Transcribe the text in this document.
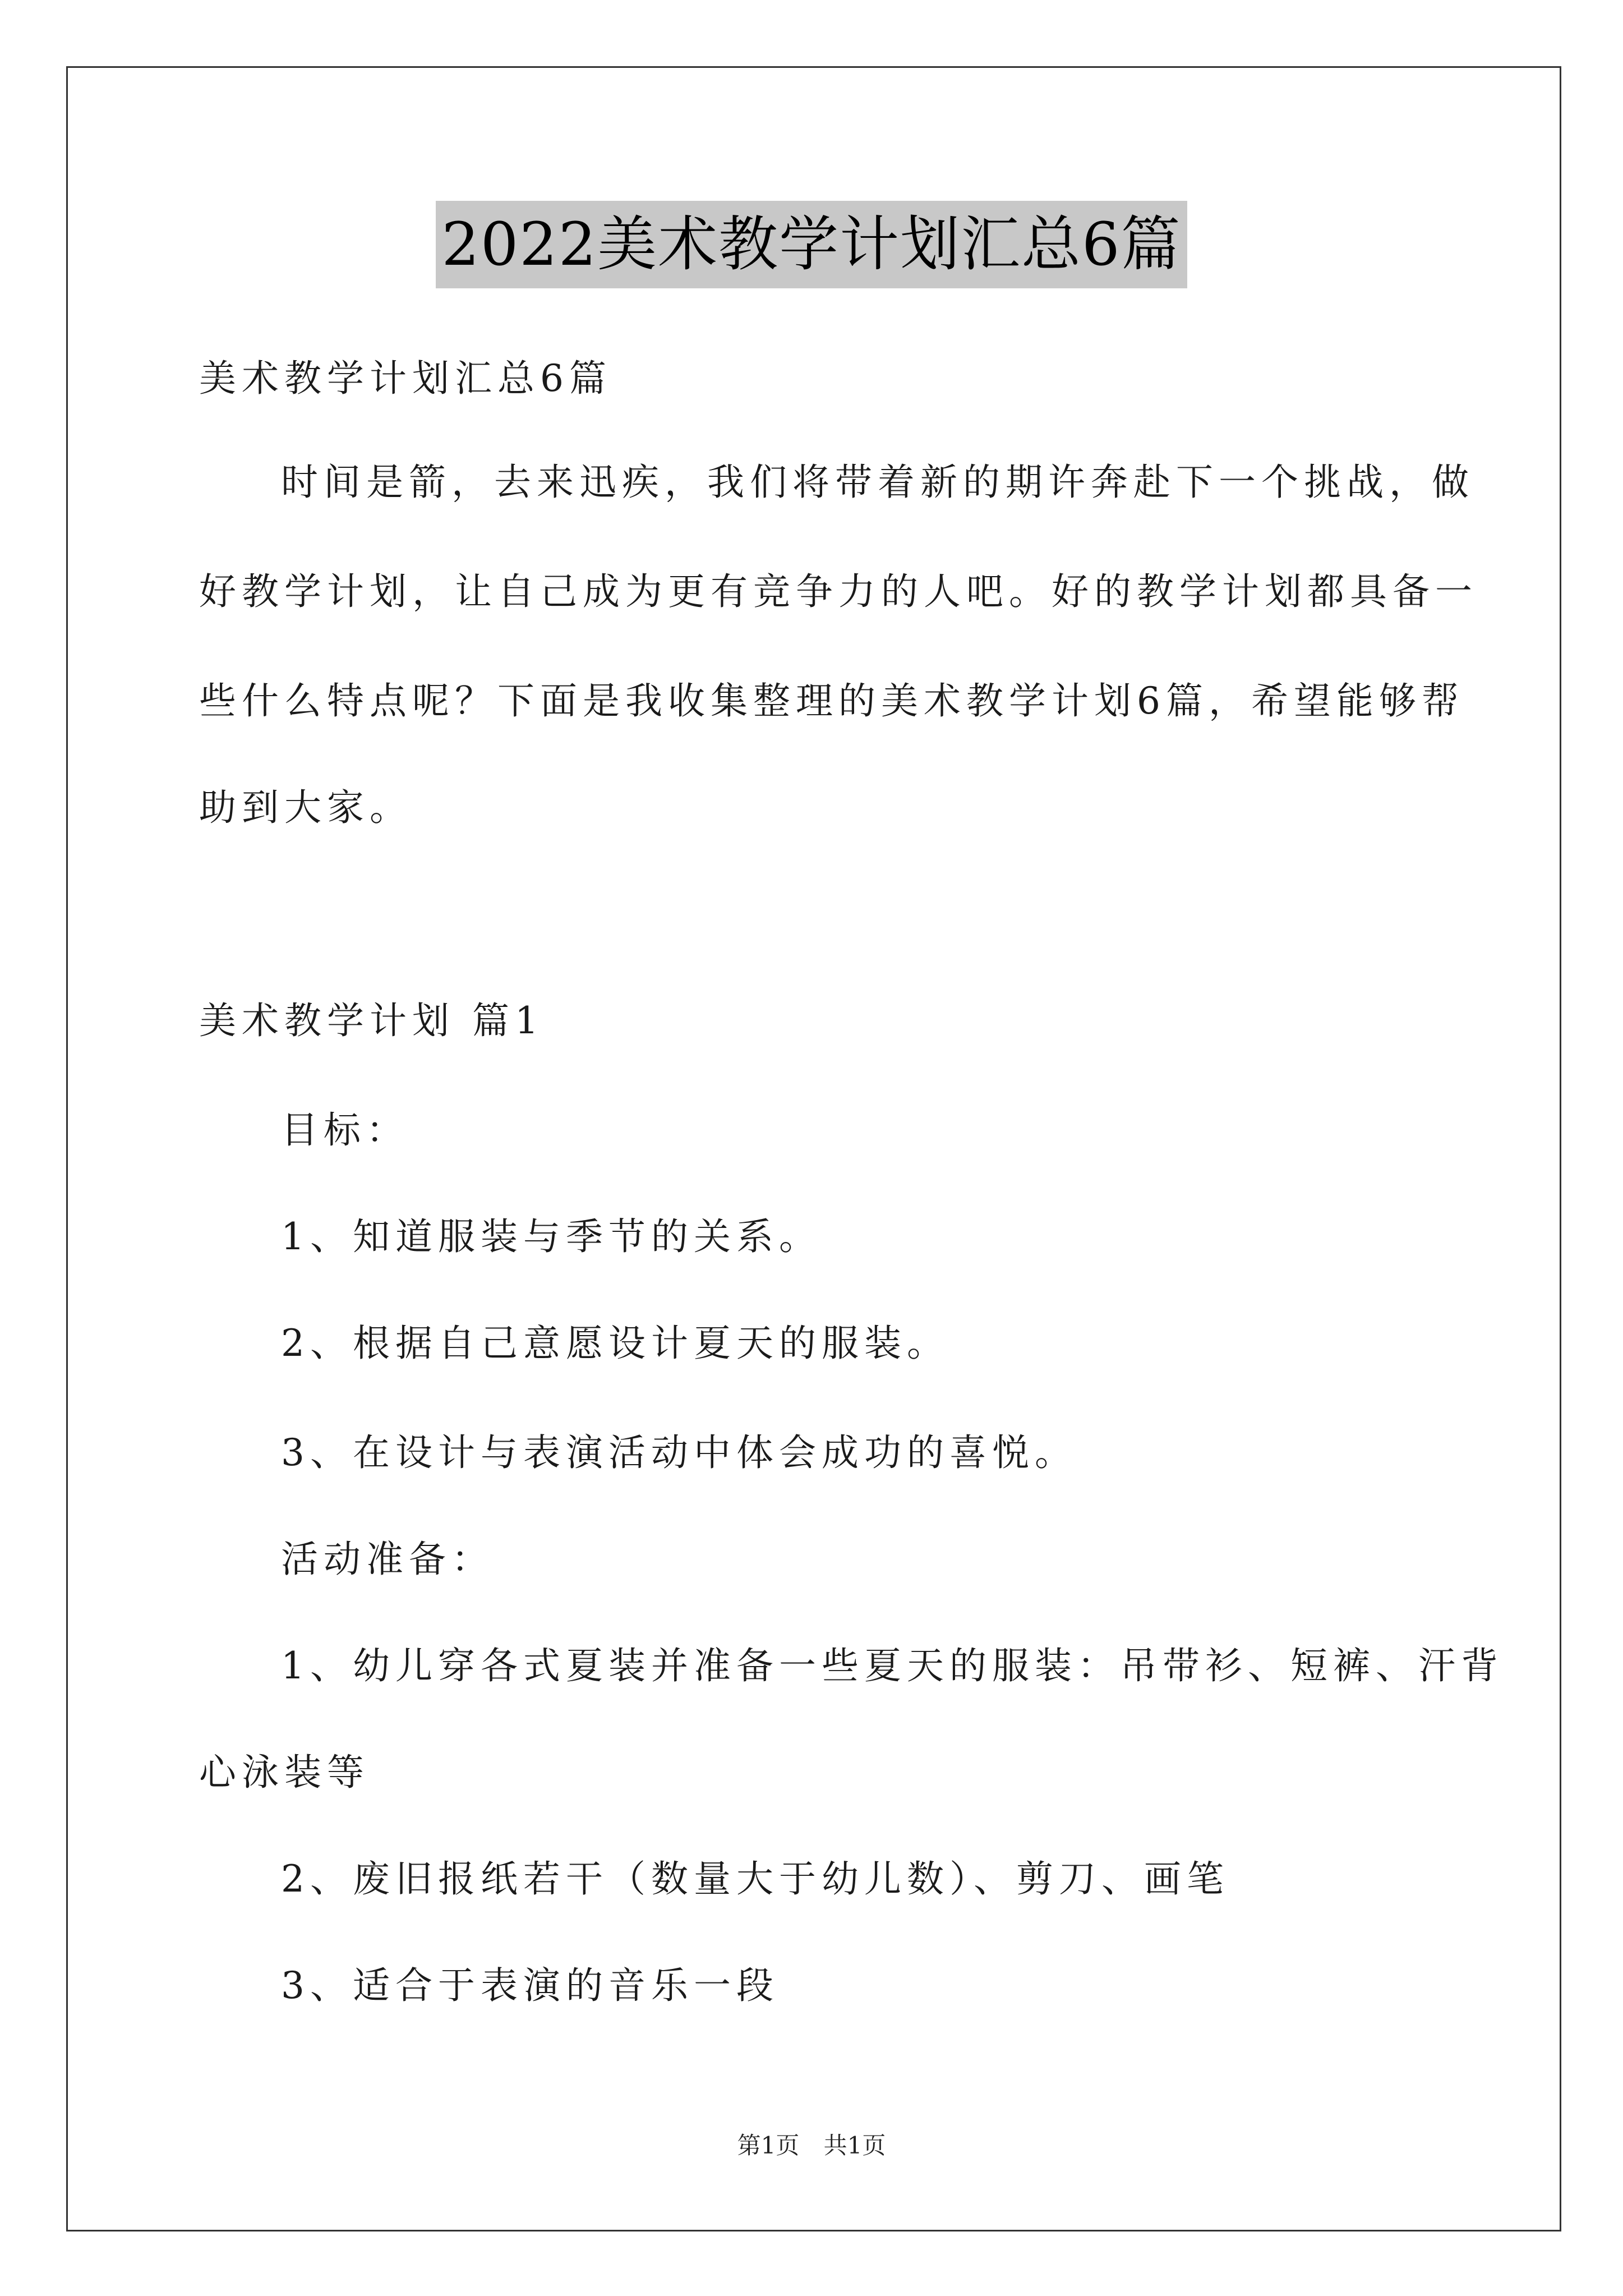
2022美术教学计划汇总6篇
美术教学计划汇总6篇
时间是箭，去来迅疾，我们将带着新的期许奔赴下一个挑战，做
好教学计划，让自己成为更有竞争力的人吧。好的教学计划都具备一
些什么特点呢？下面是我收集整理的美术教学计划6篇，希望能够帮
助到大家。
美术教学计划 篇1
目标：
1、知道服装与季节的关系。
2、根据自己意愿设计夏天的服装。
3、在设计与表演活动中体会成功的喜悦。
活动准备：
1、幼儿穿各式夏装并准备一些夏天的服装：吊带衫、短裤、汗背
心泳装等
2、废旧报纸若干（数量大于幼儿数）、剪刀、画笔
3、适合于表演的音乐一段
第1页 共1页
